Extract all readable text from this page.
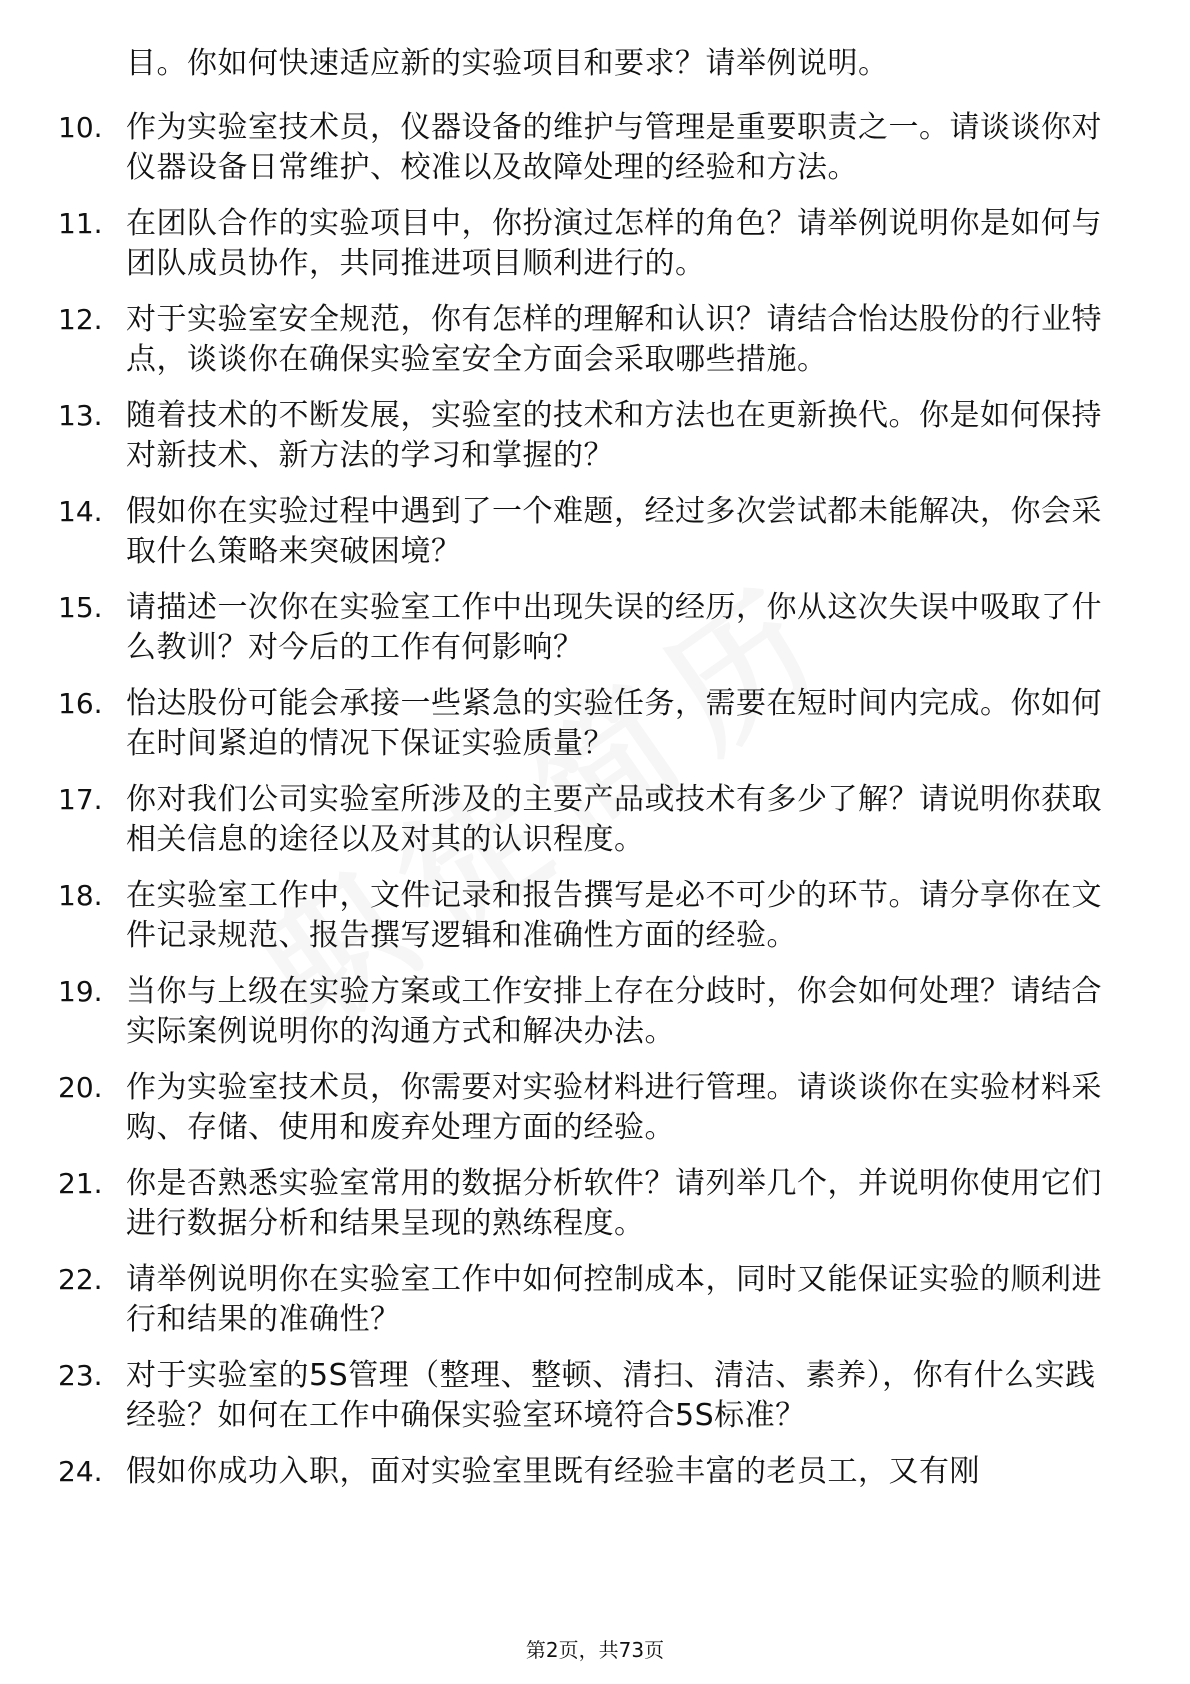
目。你如何快速适应新的实验项目和要求？请举例说明。
10. 作为实验室技术员，仪器设备的维护与管理是重要职责之一。请谈谈你对仪器设备日常维护、校准以及故障处理的经验和方法。
11. 在团队合作的实验项目中，你扮演过怎样的角色？请举例说明你是如何与团队成员协作，共同推进项目顺利进行的。
12. 对于实验室安全规范，你有怎样的理解和认识？请结合怡达股份的行业特点，谈谈你在确保实验室安全方面会采取哪些措施。
13. 随着技术的不断发展，实验室的技术和方法也在更新换代。你是如何保持对新技术、新方法的学习和掌握的？
14. 假如你在实验过程中遇到了一个难题，经过多次尝试都未能解决，你会采取什么策略来突破困境？
15. 请描述一次你在实验室工作中出现失误的经历，你从这次失误中吸取了什么教训？对今后的工作有何影响？
16. 怡达股份可能会承接一些紧急的实验任务，需要在短时间内完成。你如何在时间紧迫的情况下保证实验质量？
17. 你对我们公司实验室所涉及的主要产品或技术有多少了解？请说明你获取相关信息的途径以及对其的认识程度。
18. 在实验室工作中，文件记录和报告撰写是必不可少的环节。请分享你在文件记录规范、报告撰写逻辑和准确性方面的经验。
19. 当你与上级在实验方案或工作安排上存在分歧时，你会如何处理？请结合实际案例说明你的沟通方式和解决办法。
20. 作为实验室技术员，你需要对实验材料进行管理。请谈谈你在实验材料采购、存储、使用和废弃处理方面的经验。
21. 你是否熟悉实验室常用的数据分析软件？请列举几个，并说明你使用它们进行数据分析和结果呈现的熟练程度。
22. 请举例说明你在实验室工作中如何控制成本，同时又能保证实验的顺利进行和结果的准确性？
23. 对于实验室的5S管理（整理、整顿、清扫、清洁、素养），你有什么实践经验？如何在工作中确保实验室环境符合5S标准？
24. 假如你成功入职，面对实验室里既有经验丰富的老员工，又有刚
第2页，共73页
